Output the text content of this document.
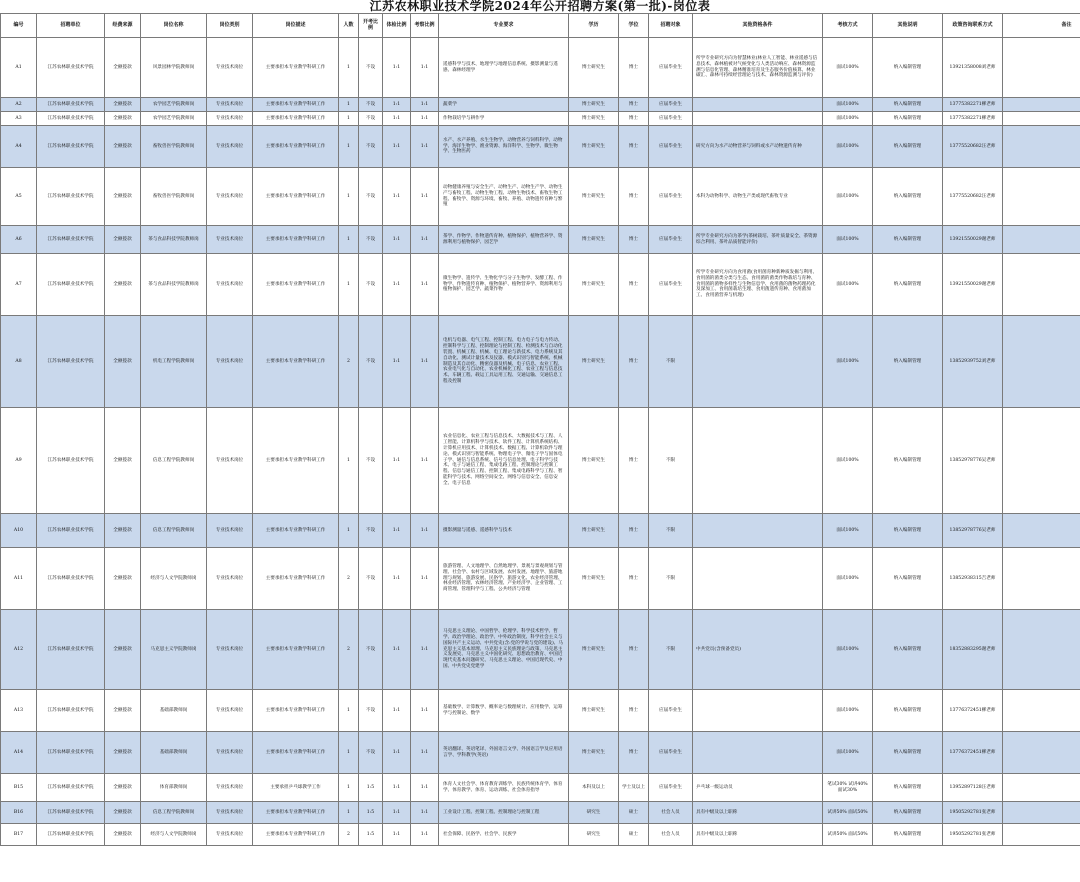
江苏农林职业技术学院2024年公开招聘方案(第一批)-岗位表
编号	招聘单位	经费来源	岗位名称	岗位类别	岗位描述	人数	开考比例	体检比例	考察比例	专业要求	学历	学位	招聘对象	其他资格条件	考核方式	其他说明	政策咨询联系方式	备注
A1	江苏农林职业技术学院	全额拨款	风景园林学院教师岗	专业技术岗位	主要承担本专业教学科研工作	1	不设	1:1	1:1	遥感科学与技术、地理学与地理信息系统、摄影测量与遥感、森林经理学	博士研究生	博士	应届毕业生	所学专业研究方向为智慧林业(林业人工智能、林业遥感与信息技术、森林植被对气候变化与人类活动响应、森林资源监测与信息化管理、森林精准培育及生态服务价值核算、林业碳汇、森林可持续经营理论与技术、森林资源监测与评价)	面试100%	纳入编制管理	13921358008刘老师	
A2	江苏农林职业技术学院	全额拨款	农学园艺学院教师岗	专业技术岗位	主要承担本专业教学科研工作	1	不设	1:1	1:1	蔬菜学	博士研究生	博士	应届毕业生		面试100%	纳入编制管理	13775382271柳老师	
A3	江苏农林职业技术学院	全额拨款	农学园艺学院教师岗	专业技术岗位	主要承担本专业教学科研工作	1	不设	1:1	1:1	作物栽培学与耕作学	博士研究生	博士	应届毕业生		面试100%	纳入编制管理	13775382271柳老师	
A4	江苏农林职业技术学院	全额拨款	畜牧兽医学院教师岗	专业技术岗位	主要承担本专业教学科研工作	1	不设	1:1	1:1	水产、水产养殖、水生生物学、动物营养与饲料科学、动物学、海洋生物学、渔业资源、海洋科学、生物学、微生物学、生物医药	博士研究生	博士	应届毕业生	研究方向为水产动物营养与饲料或水产动物遗传育种	面试100%	纳入编制管理	13775520682汪老师	
A5	江苏农林职业技术学院	全额拨款	畜牧兽医学院教师岗	专业技术岗位	主要承担本专业教学科研工作	1	不设	1:1	1:1	动物健康养殖与安全生产、动物生产、动物生产学、动物生产与畜牧工程、动物生物工程、动物生物技术、畜牧生物工程、畜牧学、资源与环境、畜牧、养殖、动物遗传育种与繁殖	博士研究生	博士	应届毕业生	本科为动物科学、动物生产类或现代畜牧专业	面试100%	纳入编制管理	13775520682汪老师	
A6	江苏农林职业技术学院	全额拨款	茶与食品科技学院教师岗	专业技术岗位	主要承担本专业教学科研工作	1	不设	1:1	1:1	茶学、作物学、作物遗传育种、植物保护、植物营养学、资源利用与植物保护、园艺学	博士研究生	博士	应届毕业生	所学专业研究方向为茶学(茶树栽培、茶叶质量安全、茶资源综合利用、茶叶品质智能评价)	面试100%	纳入编制管理	13921550029谢老师	
A7	江苏农林职业技术学院	全额拨款	茶与食品科技学院教师岗	专业技术岗位	主要承担本专业教学科研工作	1	不设	1:1	1:1	微生物学、遗传学、生物化学与分子生物学、发酵工程、作物学、作物遗传育种、植物保护、植物营养学、资源利用与植物保护、园艺学、蔬菜作物	博士研究生	博士	应届毕业生	所学专业研究方向为食用菌(食用菌育种新种质发掘与利用、食用菌的菌类分类与生态、食用菌的菌类作物栽培与育种、食用菌的菌物多样性与生物信息学、食用菌的菌物药理药化及深加工、食用菌栽培生理、食用菌遗传育种、食用菌加工、食用菌营养与机理)	面试100%	纳入编制管理	13921550029谢老师	
A8	江苏农林职业技术学院	全额拨款	机电工程学院教师岗	专业技术岗位	主要承担本专业教学科研工作	2	不设	1:1	1:1	电机与电器、电气工程、控制工程、电力电子与电力传动、控制科学与工程、控制理论与控制工程、检测技术与自动化装置、机械工程、机械、电工理论与新技术、电力系统及其自动化、测试计量技术及仪器、模式识别与智能系统、机械制造及其自动化、精密仪器及机械、电子信息、农业工程、农业电气化与自动化、农业机械化工程、农业工程与信息技术、车辆工程、载运工具运用工程、交通运输、交通信息工程及控制	博士研究生	博士	不限		面试100%	纳入编制管理	13852939752刘老师	
A9	江苏农林职业技术学院	全额拨款	信息工程学院教师岗	专业技术岗位	主要承担本专业教学科研工作	1	不设	1:1	1:1	农业信息化、农业工程与信息技术、大数据技术与工程、人工智能、计算机科学与技术、软件工程、计算机系统结构、计算机应用技术、计算机技术、数据工程、计算机软件与理论、模式识别与智能系统、物理电子学、微电子学与固体电子学、通信与信息系统、信号与信息处理、电子科学与技术、电子与通信工程、集成电路工程、控制理论与控制工程、信息与通信工程、控制工程、集成电路科学与工程、智能科学与技术、网络空间安全、网络与信息安全、信息安全、电子信息	博士研究生	博士	不限		面试100%	纳入编制管理	13852978776吴老师	
A10	江苏农林职业技术学院	全额拨款	信息工程学院教师岗	专业技术岗位	主要承担本专业教学科研工作	1	不设	1:1	1:1	摄影测量与遥感、遥感科学与技术	博士研究生	博士	不限		面试100%	纳入编制管理	13852978776吴老师	
A11	江苏农林职业技术学院	全额拨款	经济与人文学院教师岗	专业技术岗位	主要承担本专业教学科研工作	2	不设	1:1	1:1	旅游管理、人文地理学、自然地理学、景观与景观规划与管理、社会学、农村与区域发展、农村发展、地理学、旅游地理与规划、旅游发展、民俗学、旅游文化、农业经济管理、林业经济管理、农林经济管理、产业经济学、企业管理、工商管理、管理科学与工程、公共经济与管理	博士研究生	博士	不限		面试100%	纳入编制管理	13852938315吉老师	
A12	江苏农林职业技术学院	全额拨款	马克思主义学院教师岗	专业技术岗位	主要承担本专业教学科研工作	2	不设	1:1	1:1	马克思主义理论、中国哲学、伦理学、科学技术哲学、哲学、政治学理论、政治学、中外政治制度、科学社会主义与国际共产主义运动、中共党史(含:党的学说与党的建设)、马克思主义基本原理、马克思主义民族理论与政策、马克思主义发展史、马克思主义中国化研究、思想政治教育、中国近现代史基本问题研究、马克思主义理论、中国近现代史、中国、中共党史党建学	博士研究生	博士	不限	中共党员(含预备党员)	面试100%	纳入编制管理	18352883295谢老师	
A13	江苏农林职业技术学院	全额拨款	基础部教师岗	专业技术岗位	主要承担本专业教学科研工作	1	不设	1:1	1:1	基础数学、计算数学、概率论与数理统计、应用数学、运筹学与控制论、数学	博士研究生	博士	应届毕业生		面试100%	纳入编制管理	13776372451柳老师	
A14	江苏农林职业技术学院	全额拨款	基础部教师岗	专业技术岗位	主要承担本专业教学科研工作	1	不设	1:1	1:1	英语翻译、英语笔译、外国语言文学、外国语言学及应用语言学、学科教学(英语)	博士研究生	博士	应届毕业生		面试100%	纳入编制管理	13776372451柳老师	
B15	江苏农林职业技术学院	全额拨款	体育部教师岗	专业技术岗位	主要承担乒乓球教学工作	1	1:5	1:1	1:1	体育人文社会学、体育教育训练学、民族传统体育学、体育学、体育教学、体育、运动训练、社会体育指导	本科及以上	学士及以上	应届毕业生	乒乓球一级运动员	笔试30% 试讲40% 面试30%	纳入编制管理	13952897128汪老师	
B16	江苏农林职业技术学院	全额拨款	信息工程学院教师岗	专业技术岗位	主要承担本专业教学科研工作	1	1:5	1:1	1:1	工业设计工程、控制工程、控制理论与控制工程	研究生	硕士	社会人员	具有中级及以上职称	试讲50% 面试50%	纳入编制管理	19505292781张老师	
B17	江苏农林职业技术学院	全额拨款	经济与人文学院教师岗	专业技术岗位	主要承担本专业教学科研工作	2	1:5	1:1	1:1	社会保障、民俗学、社会学、民族学	研究生	硕士	社会人员	具有中级及以上职称	试讲50% 面试50%	纳入编制管理	19505292781张老师	
